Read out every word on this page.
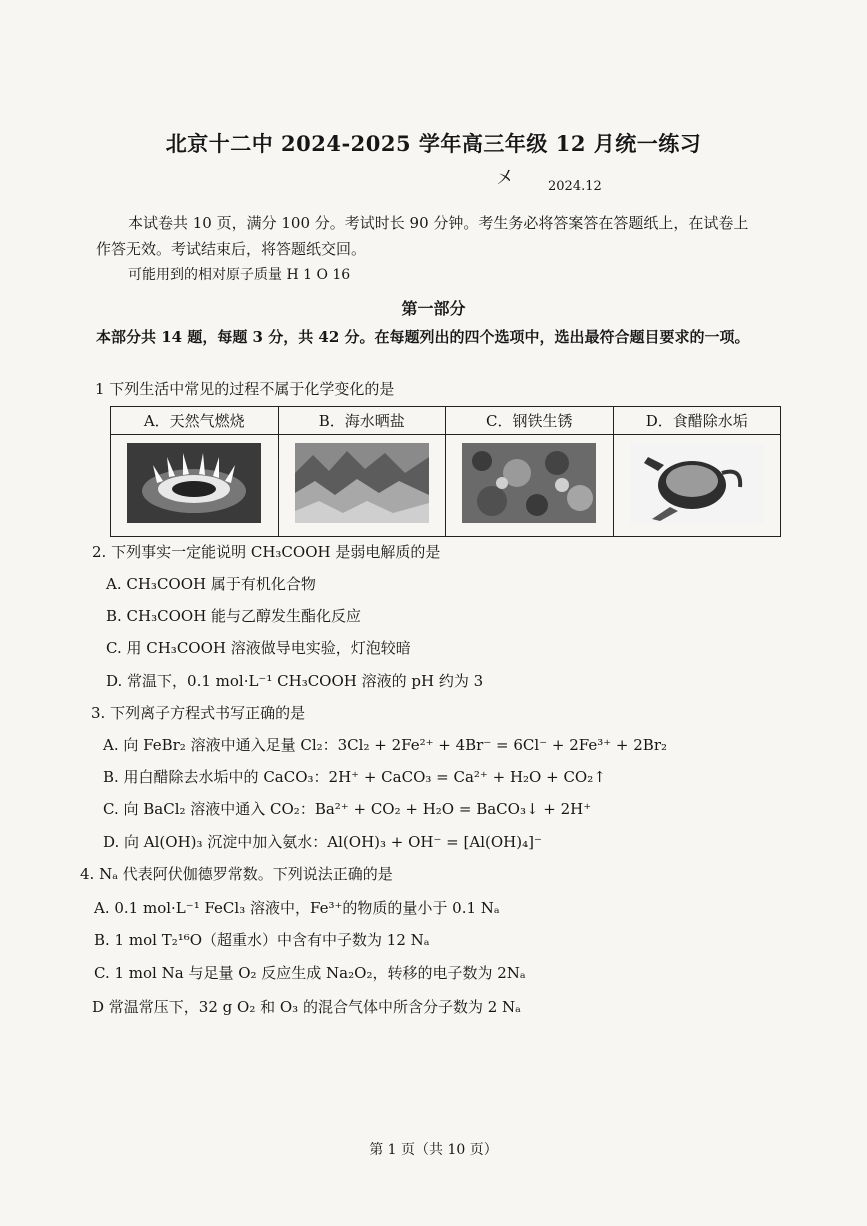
北京十二中 2024-2025 学年高三年级 12 月统一练习
㐅	2024.12
本试卷共 10 页，满分 100 分。考试时长 90 分钟。考生务必将答案答在答题纸上，在试卷上
作答无效。考试结束后，将答题纸交回。
可能用到的相对原子质量 H 1 O 16
第一部分
本部分共 14 题，每题 3 分，共 42 分。在每题列出的四个选项中，选出最符合题目要求的一项。
1 下列生活中常见的过程不属于化学变化的是
A．天然气燃烧	B．海水晒盐	C．钢铁生锈	D．食醋除水垢

2. 下列事实一定能说明 CH₃COOH 是弱电解质的是
A. CH₃COOH 属于有机化合物
B. CH₃COOH 能与乙醇发生酯化反应
C. 用 CH₃COOH 溶液做导电实验，灯泡较暗
D. 常温下，0.1 mol·L⁻¹ CH₃COOH 溶液的 pH 约为 3
3. 下列离子方程式书写正确的是
A. 向 FeBr₂ 溶液中通入足量 Cl₂：3Cl₂ + 2Fe²⁺ + 4Br⁻ = 6Cl⁻ + 2Fe³⁺ + 2Br₂
B. 用白醋除去水垢中的 CaCO₃：2H⁺ + CaCO₃ = Ca²⁺ + H₂O + CO₂↑
C. 向 BaCl₂ 溶液中通入 CO₂：Ba²⁺ + CO₂ + H₂O = BaCO₃↓ + 2H⁺
D. 向 Al(OH)₃ 沉淀中加入氨水：Al(OH)₃ + OH⁻ = [Al(OH)₄]⁻
4. Nₐ 代表阿伏伽德罗常数。下列说法正确的是
A. 0.1 mol·L⁻¹ FeCl₃ 溶液中，Fe³⁺的物质的量小于 0.1 Nₐ
B. 1 mol T₂¹⁶O（超重水）中含有中子数为 12 Nₐ
C. 1 mol Na 与足量 O₂ 反应生成 Na₂O₂，转移的电子数为 2Nₐ
D 常温常压下，32 g O₂ 和 O₃ 的混合气体中所含分子数为 2 Nₐ
第 1 页（共 10 页）
